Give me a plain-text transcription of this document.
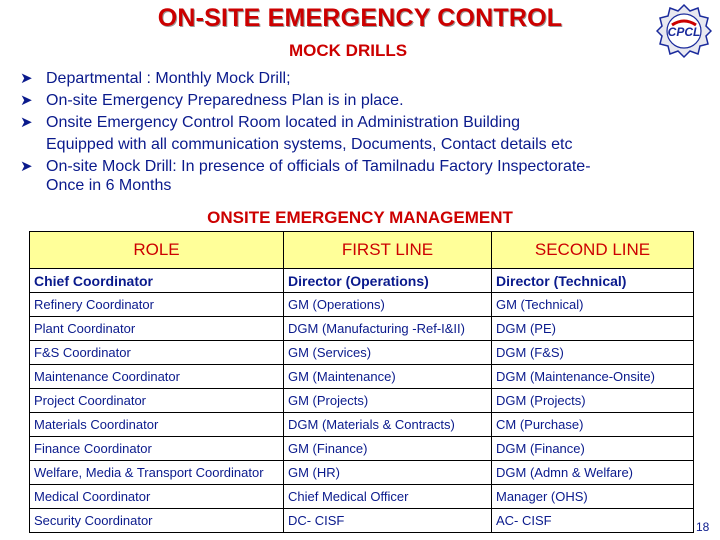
ON-SITE EMERGENCY CONTROL
MOCK DRILLS
CPCL
➤ Departmental : Monthly Mock Drill;
➤ On-site Emergency Preparedness Plan is in place.
➤ Onsite Emergency Control Room located in Administration Building
Equipped with all communication systems, Documents, Contact details etc
➤ On-site Mock Drill: In presence of officials of Tamilnadu Factory Inspectorate-
Once in 6 Months
ONSITE EMERGENCY MANAGEMENT
ROLE	FIRST LINE	SECOND LINE
Chief Coordinator	Director (Operations)	Director (Technical)
Refinery Coordinator	GM (Operations)	GM (Technical)
Plant Coordinator	DGM (Manufacturing -Ref-I&II)	DGM (PE)
F&S Coordinator	GM (Services)	DGM (F&S)
Maintenance Coordinator	GM (Maintenance)	DGM (Maintenance-Onsite)
Project Coordinator	GM (Projects)	DGM (Projects)
Materials Coordinator	DGM (Materials & Contracts)	CM (Purchase)
Finance Coordinator	GM (Finance)	DGM (Finance)
Welfare, Media & Transport Coordinator	GM (HR)	DGM (Admn & Welfare)
Medical Coordinator	Chief Medical Officer	Manager (OHS)
Security Coordinator	DC- CISF	AC- CISF	18
